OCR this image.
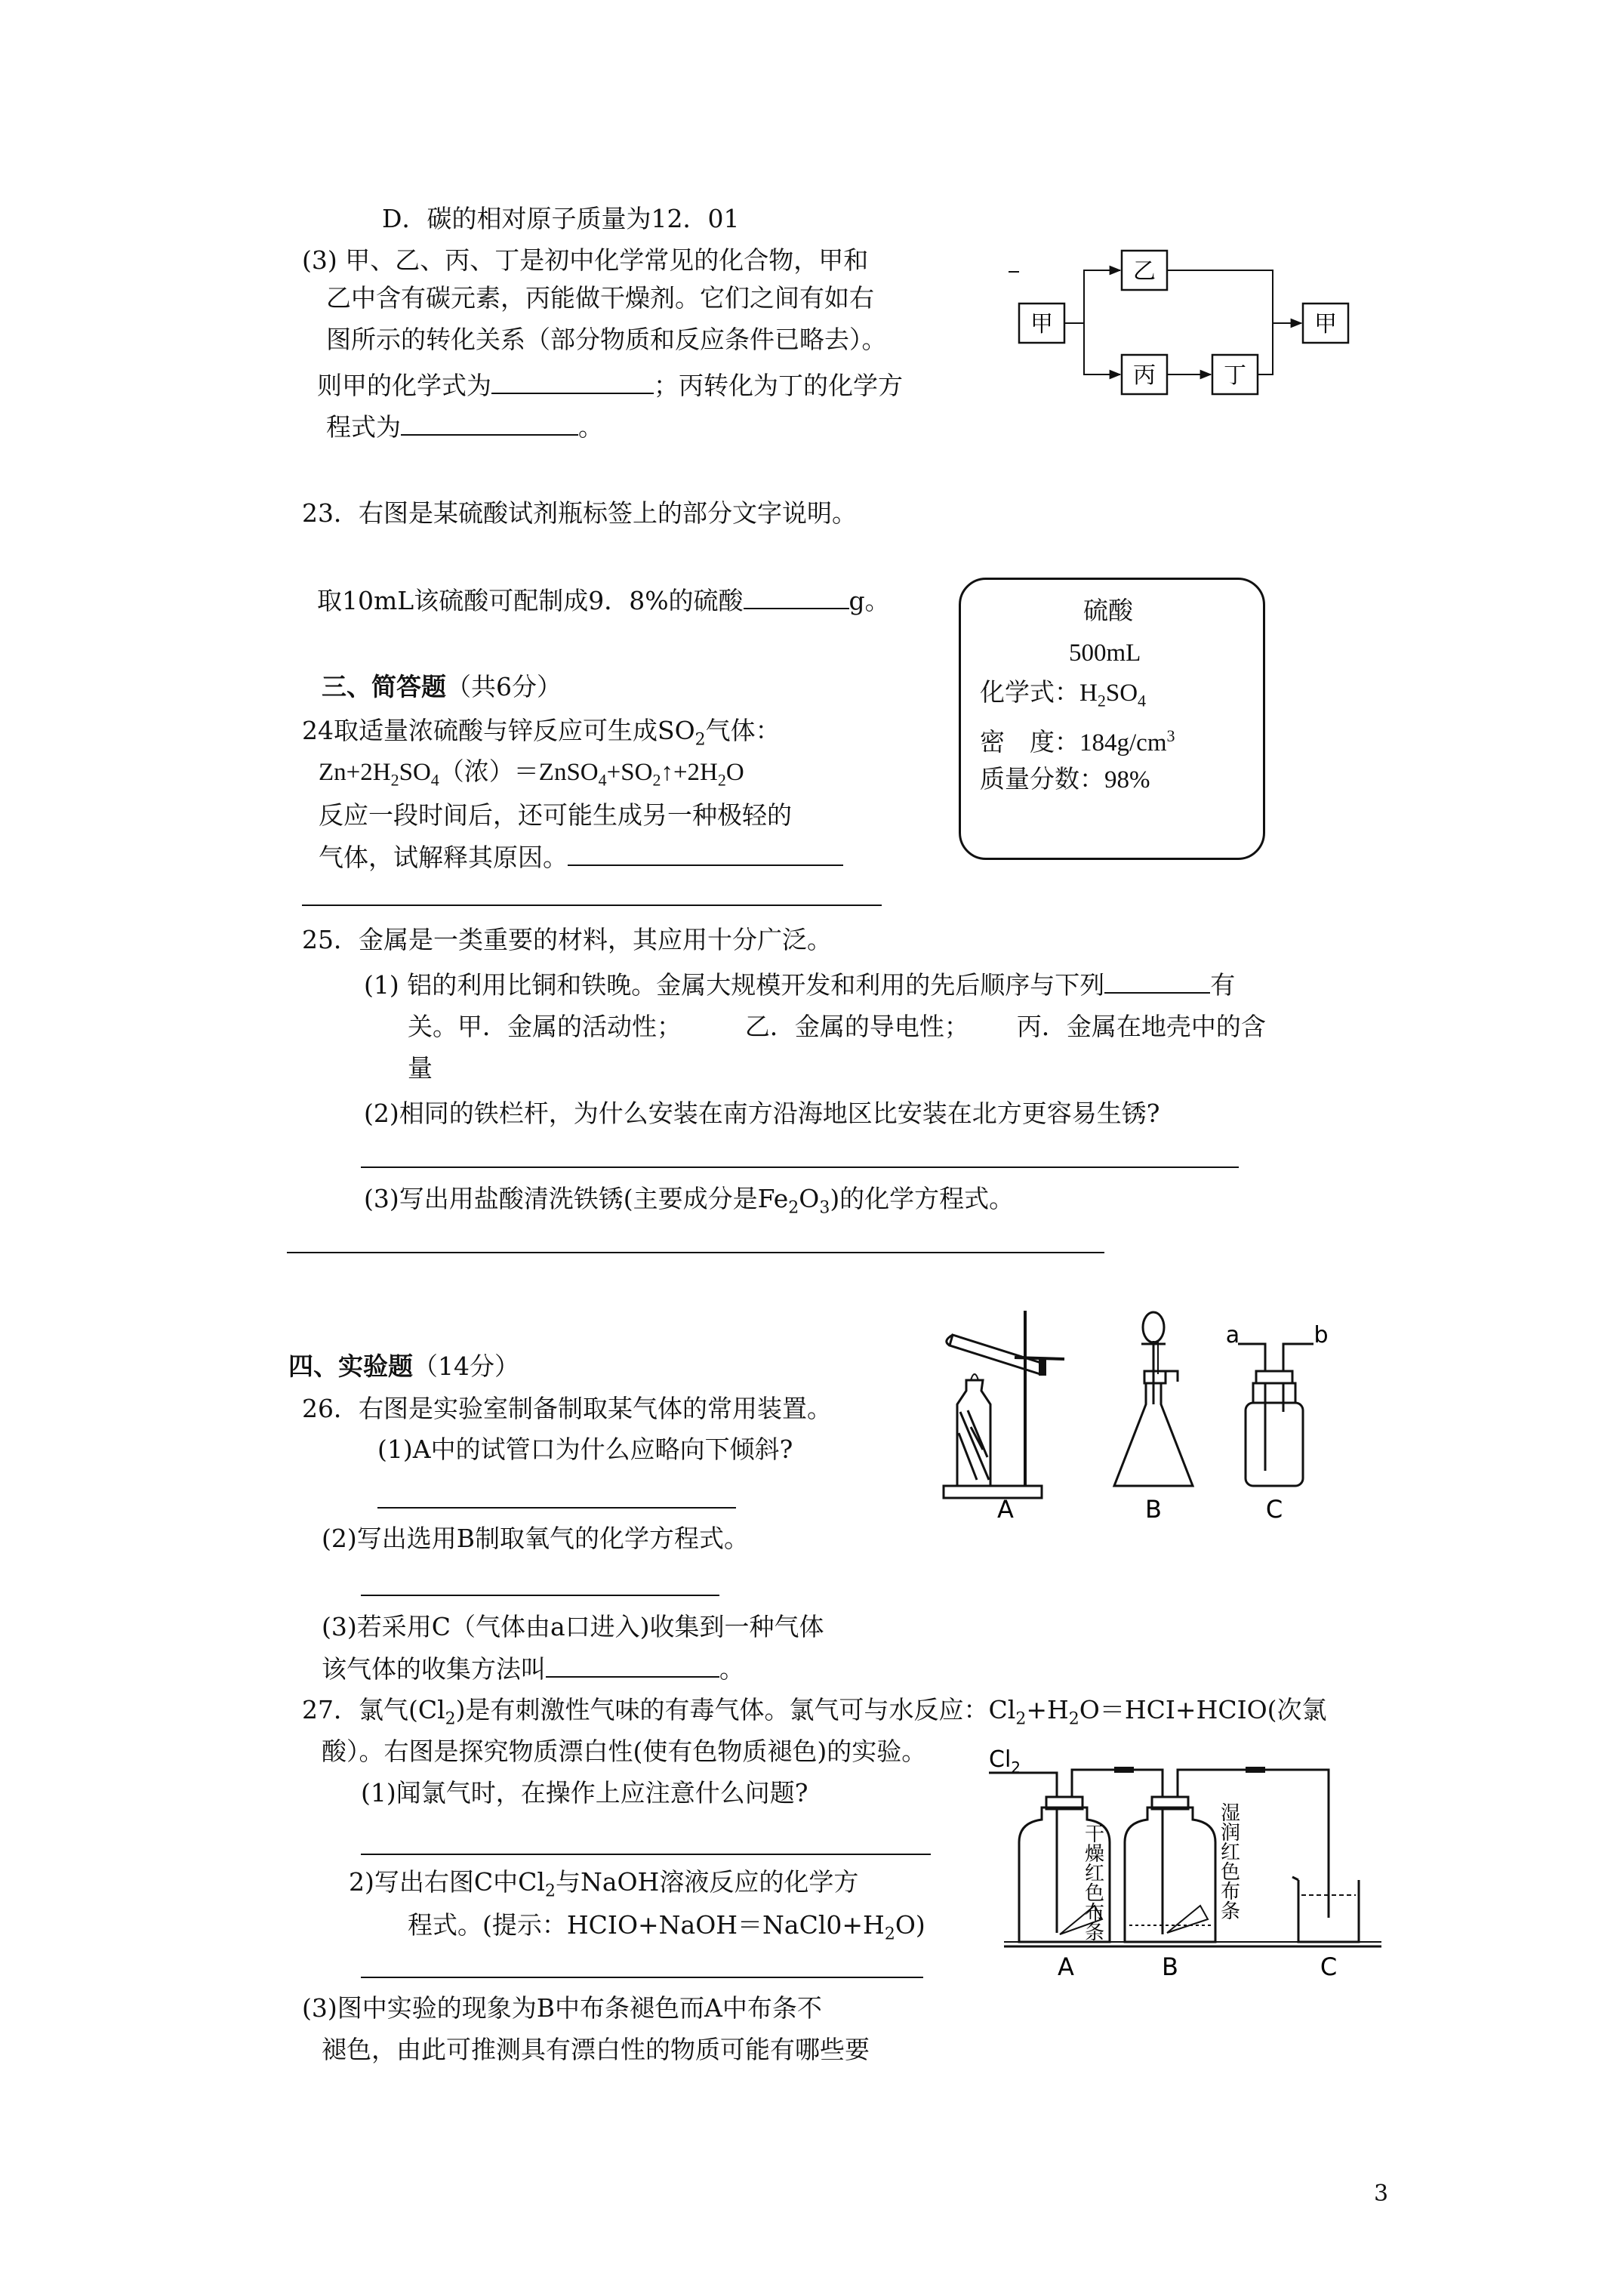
D．碳的相对原子质量为12．01
(3) 甲、乙、丙、丁是初中化学常见的化合物，甲和
乙中含有碳元素，丙能做干燥剂。它们之间有如右
图所示的转化关系（部分物质和反应条件已略去）。
则甲的化学式为	；丙转化为丁的化学方
程式为	。
甲
乙
丙	丁
甲
23．右图是某硫酸试剂瓶标签上的部分文字说明。
取10mL该硫酸可配制成9．8%的硫酸	g。	硫酸
500mL
化学式：$H_2SO_4$
密    度：$184g/cm^3$
质量分数：98%
三、简答题（共6分）
24取适量浓硫酸与锌反应可生成$SO_2$气体：
$Zn+2H_2SO_4$（浓）$=ZnSO_4+SO_2↑+2H_2O$
反应一段时间后，还可能生成另一种极轻的
气体，试解释其原因。
25．金属是一类重要的材料，其应用十分广泛。
(1) 铝的利用比铜和铁晚。金属大规模开发和利用的先后顺序与下列	有
关。甲．金属的活动性；        乙．金属的导电性；      丙．金属在地壳中的含
量
(2)相同的铁栏杆，为什么安装在南方沿海地区比安装在北方更容易生锈?
(3)写出用盐酸清洗铁锈(主要成分是$Fe_2O_3$)的化学方程式。
四、实验题（14分）
26．右图是实验室制备制取某气体的常用装置。
(1)A中的试管口为什么应略向下倾斜?
(2)写出选用B制取氧气的化学方程式。
(3)若采用C（气体由a口进入)收集到一种气体
该气体的收集方法叫	。
A	B
a	b
C
27．氯气$(Cl_2)$是有刺激性气味的有毒气体。氯气可与水反应：$Cl_2+H_2O=HCI+HCIO$(次氯
酸）。右图是探究物质漂白性(使有色物质褪色)的实验。
(1)闻氯气时，在操作上应注意什么问题?
2)写出右图C中$Cl_2$与NaOH溶液反应的化学方
程式。(提示：$HCIO+NaOH=NaCl0+H_2O$)
(3)图中实验的现象为B中布条褪色而A中布条不
褪色，由此可推测具有漂白性的物质可能有哪些要
$Cl_2$
干
燥
红
色
布
条
湿
润
红
色
布
条
A	B	C
3
